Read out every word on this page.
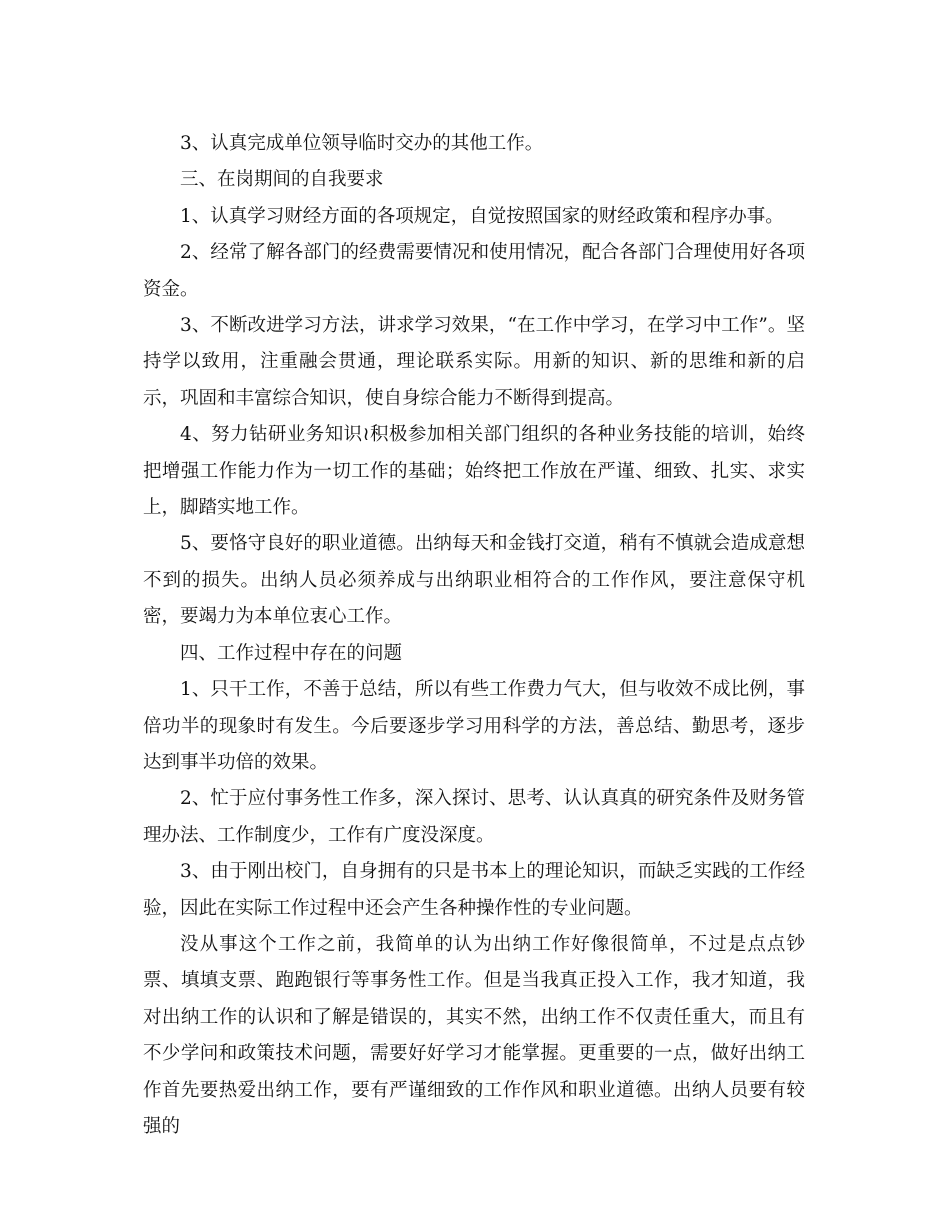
3、认真完成单位领导临时交办的其他工作。

三、在岗期间的自我要求

1、认真学习财经方面的各项规定，自觉按照国家的财经政策和程序办事。

2、经常了解各部门的经费需要情况和使用情况，配合各部门合理使用好各项资金。

3、不断改进学习方法，讲求学习效果，“在工作中学习，在学习中工作”。坚持学以致用，注重融会贯通，理论联系实际。用新的知识、新的思维和新的启示，巩固和丰富综合知识，使自身综合能力不断得到提高。

4、努力钻研业务知识≀积极参加相关部门组织的各种业务技能的培训，始终把增强工作能力作为一切工作的基础；始终把工作放在严谨、细致、扎实、求实上，脚踏实地工作。

5、要恪守良好的职业道德。出纳每天和金钱打交道，稍有不慎就会造成意想不到的损失。出纳人员必须养成与出纳职业相符合的工作作风，要注意保守机密，要竭力为本单位衷心工作。

四、工作过程中存在的问题

1、只干工作，不善于总结，所以有些工作费力气大，但与收效不成比例，事倍功半的现象时有发生。今后要逐步学习用科学的方法，善总结、勤思考，逐步达到事半功倍的效果。

2、忙于应付事务性工作多，深入探讨、思考、认认真真的研究条件及财务管理办法、工作制度少，工作有广度没深度。

3、由于刚出校门，自身拥有的只是书本上的理论知识，而缺乏实践的工作经验，因此在实际工作过程中还会产生各种操作性的专业问题。

没从事这个工作之前，我简单的认为出纳工作好像很简单，不过是点点钞票、填填支票、跑跑银行等事务性工作。但是当我真正投入工作，我才知道，我对出纳工作的认识和了解是错误的，其实不然，出纳工作不仅责任重大，而且有不少学问和政策技术问题，需要好好学习才能掌握。更重要的一点，做好出纳工作首先要热爱出纳工作，要有严谨细致的工作作风和职业道德。出纳人员要有较强的
